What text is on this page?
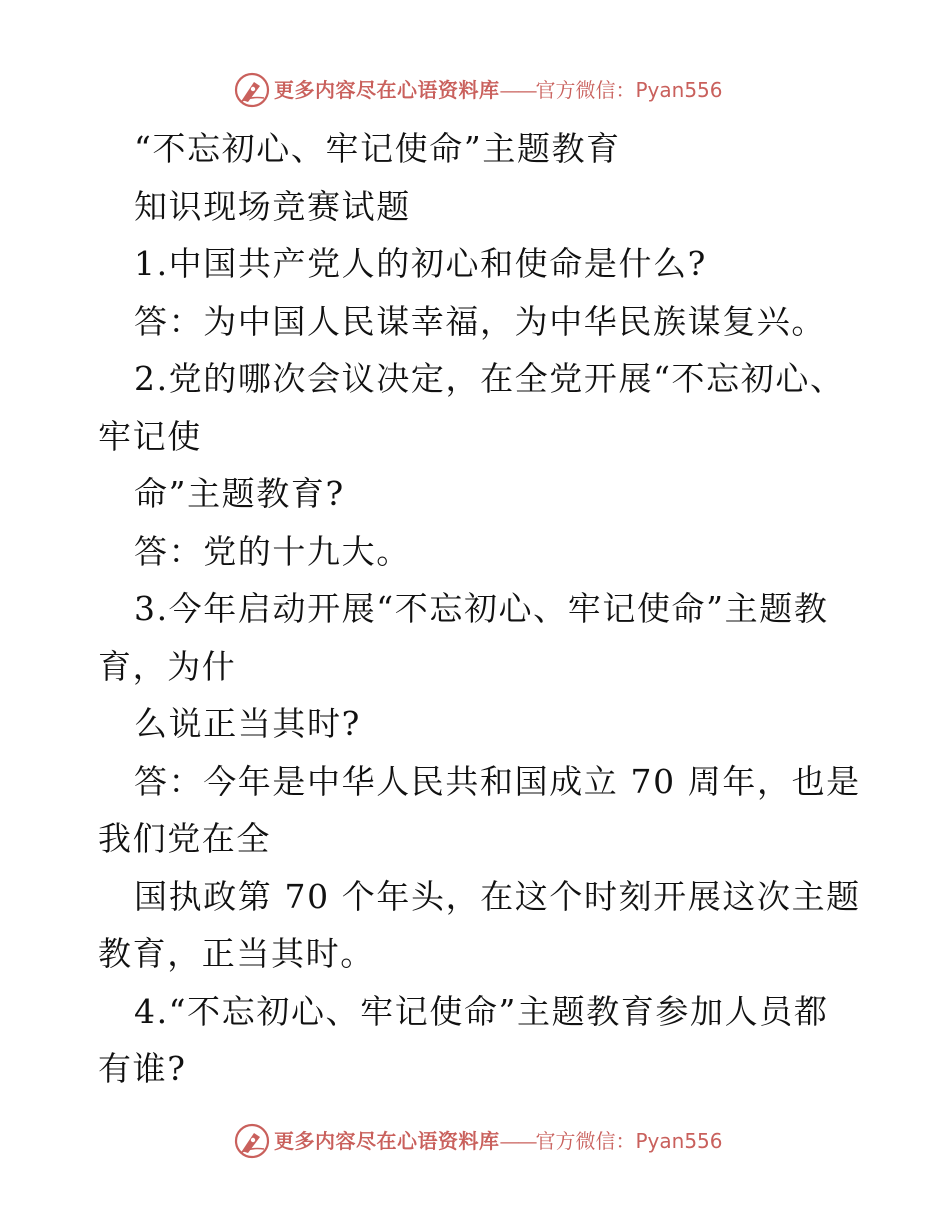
更多内容尽在心语资料库——官方微信：Pyan556

“不忘初心、牢记使命”主题教育

知识现场竞赛试题

1.中国共产党人的初心和使命是什么?

答：为中国人民谋幸福，为中华民族谋复兴。

2.党的哪次会议决定，在全党开展“不忘初心、

牢记使

命”主题教育?

答：党的十九大。

3.今年启动开展“不忘初心、牢记使命”主题教

育，为什

么说正当其时?

答：今年是中华人民共和国成立 70 周年，也是

我们党在全

国执政第 70 个年头，在这个时刻开展这次主题

教育，正当其时。

4.“不忘初心、牢记使命”主题教育参加人员都

有谁?

更多内容尽在心语资料库——官方微信：Pyan556
